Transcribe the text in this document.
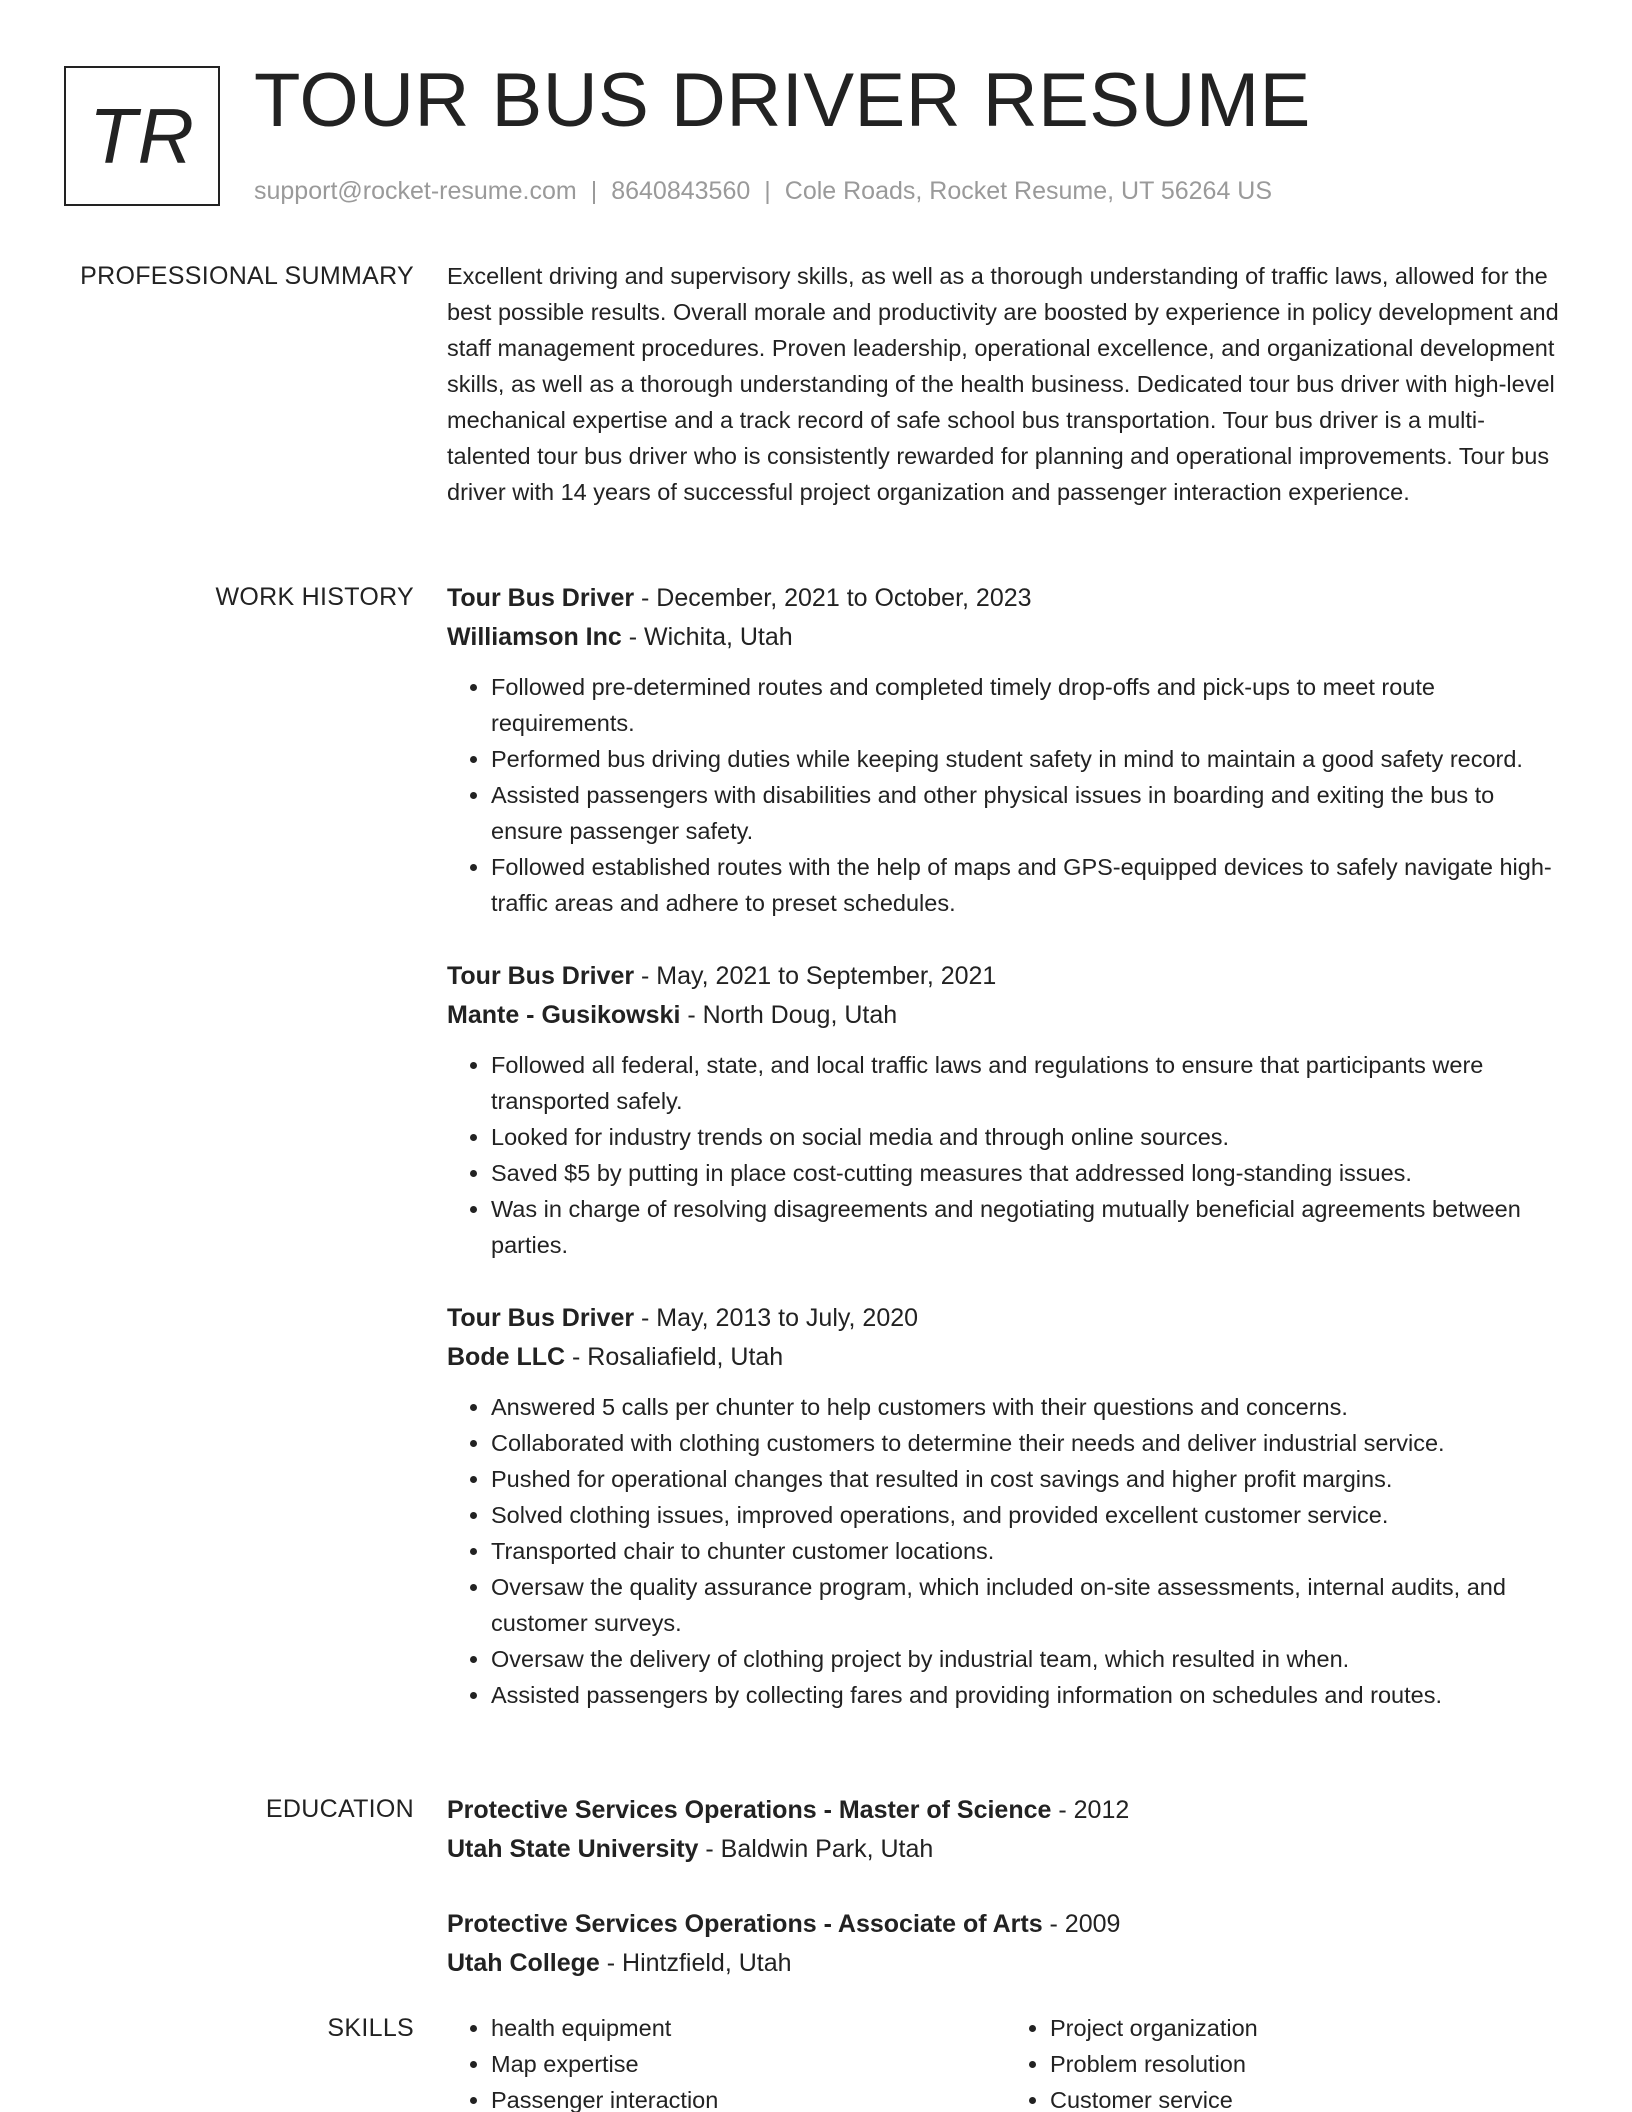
TR TOUR BUS DRIVER RESUME
support@rocket-resume.com | 8640843560 | Cole Roads, Rocket Resume, UT 56264 US
PROFESSIONAL SUMMARY Excellent driving and supervisory skills, as well as a thorough understanding of traffic laws, allowed for the best possible results. Overall morale and productivity are boosted by experience in policy development and staff management procedures. Proven leadership, operational excellence, and organizational development skills, as well as a thorough understanding of the health business. Dedicated tour bus driver with high-level mechanical expertise and a track record of safe school bus transportation. Tour bus driver is a multi-talented tour bus driver who is consistently rewarded for planning and operational improvements. Tour bus driver with 14 years of successful project organization and passenger interaction experience.

WORK HISTORY Tour Bus Driver - December, 2021 to October, 2023
Williamson Inc - Wichita, Utah
• Followed pre-determined routes and completed timely drop-offs and pick-ups to meet route requirements.
• Performed bus driving duties while keeping student safety in mind to maintain a good safety record.
• Assisted passengers with disabilities and other physical issues in boarding and exiting the bus to ensure passenger safety.
• Followed established routes with the help of maps and GPS-equipped devices to safely navigate high-traffic areas and adhere to preset schedules.
Tour Bus Driver - May, 2021 to September, 2021
Mante - Gusikowski - North Doug, Utah
• Followed all federal, state, and local traffic laws and regulations to ensure that participants were transported safely.
• Looked for industry trends on social media and through online sources.
• Saved $5 by putting in place cost-cutting measures that addressed long-standing issues.
• Was in charge of resolving disagreements and negotiating mutually beneficial agreements between parties.
Tour Bus Driver - May, 2013 to July, 2020
Bode LLC - Rosaliafield, Utah
• Answered 5 calls per chunter to help customers with their questions and concerns.
• Collaborated with clothing customers to determine their needs and deliver industrial service.
• Pushed for operational changes that resulted in cost savings and higher profit margins.
• Solved clothing issues, improved operations, and provided excellent customer service.
• Transported chair to chunter customer locations.
• Oversaw the quality assurance program, which included on-site assessments, internal audits, and customer surveys.
• Oversaw the delivery of clothing project by industrial team, which resulted in when.
• Assisted passengers by collecting fares and providing information on schedules and routes.
EDUCATION Protective Services Operations - Master of Science - 2012
Utah State University - Baldwin Park, Utah
Protective Services Operations - Associate of Arts - 2009
Utah College - Hintzfield, Utah
SKILLS
•	health equipment
• Map expertise
• Passenger interaction
• Project organization
• Problem resolution
• Customer service
